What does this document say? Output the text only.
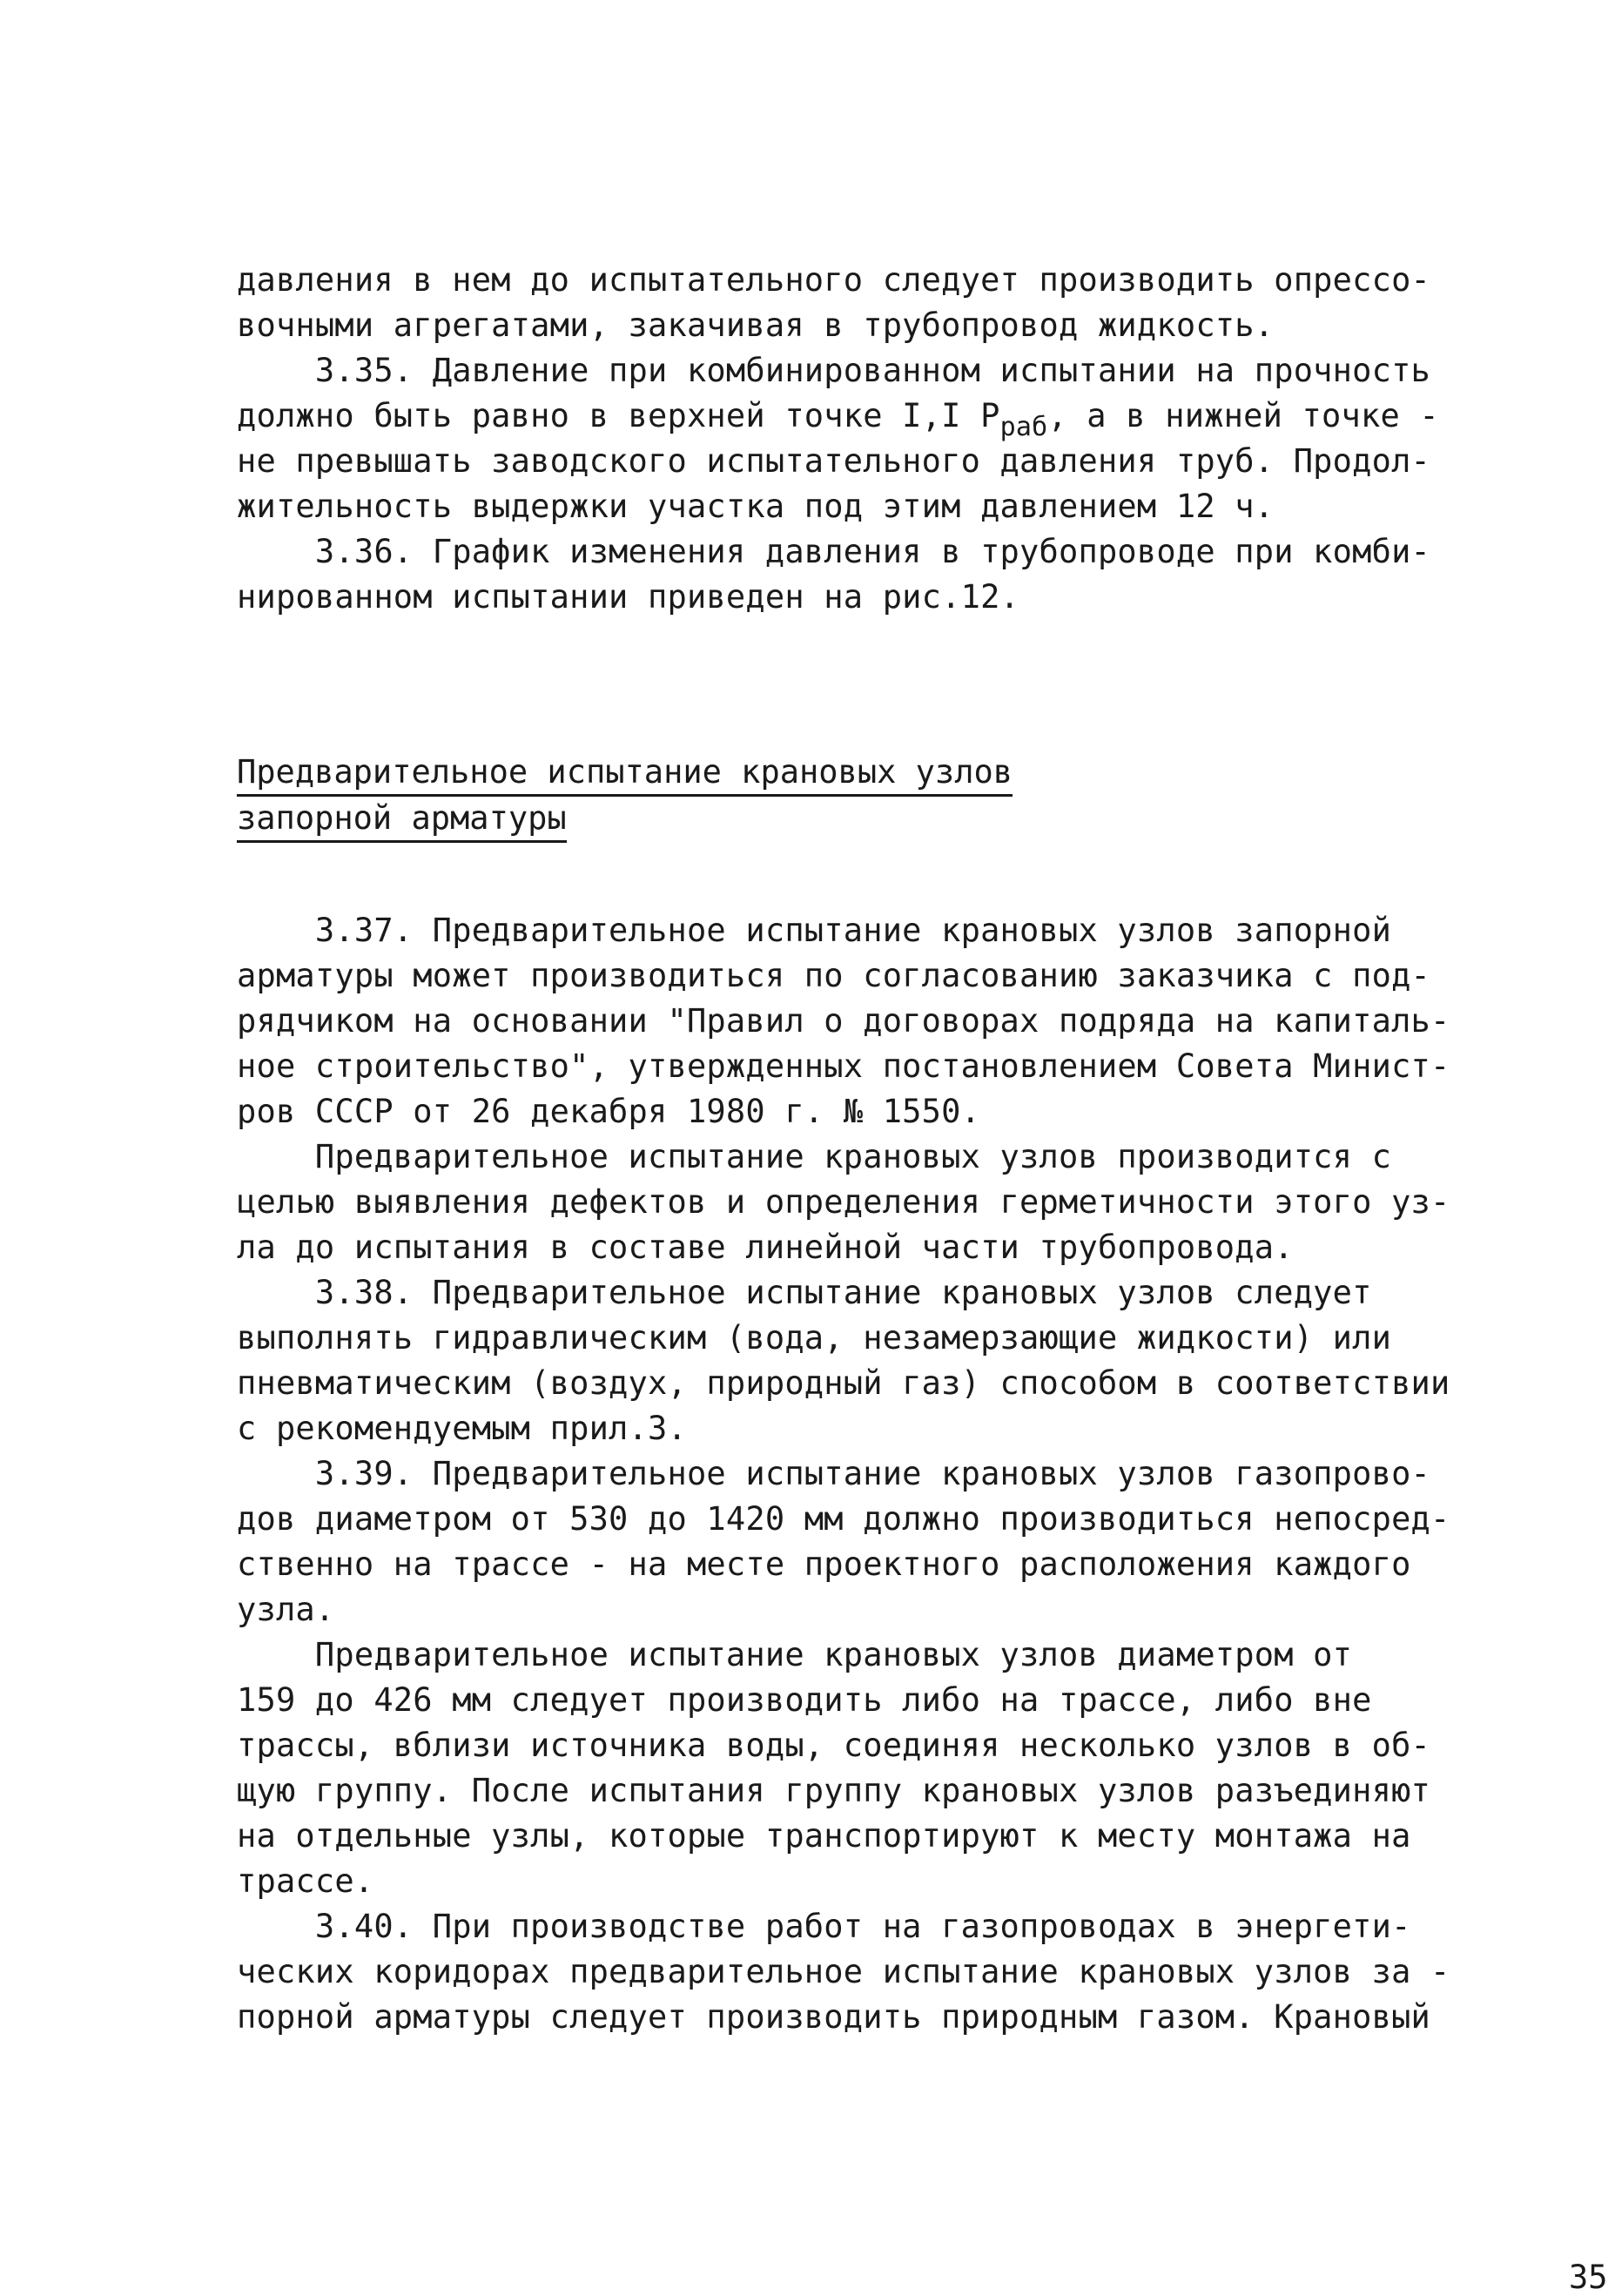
давления в нем до испытательного следует производить опрессо-
вочными агрегатами, закачивая в трубопровод жидкость.
3.35. Давление при комбинированном испытании на прочность
должно быть равно в верхней точке I,I $P_{раб}$, а в нижней точке -
не превышать заводского испытательного давления труб. Продол-
жительность выдержки участка под этим давлением 12 ч.
3.36. График изменения давления в трубопроводе при комби-
нированном испытании приведен на рис.12.
Предварительное испытание крановых узлов
запорной арматуры
3.37. Предварительное испытание крановых узлов запорной
арматуры может производиться по согласованию заказчика с под-
рядчиком на основании "Правил о договорах подряда на капиталь-
ное строительство", утвержденных постановлением Совета Минист-
ров СССР от 26 декабря 1980 г. № 1550.
Предварительное испытание крановых узлов производится с
целью выявления дефектов и определения герметичности этого уз-
ла до испытания в составе линейной части трубопровода.
3.38. Предварительное испытание крановых узлов следует
выполнять гидравлическим (вода, незамерзающие жидкости) или
пневматическим (воздух, природный газ) способом в соответствии
с рекомендуемым прил.3.
3.39. Предварительное испытание крановых узлов газопрово-
дов диаметром от 530 до 1420 мм должно производиться непосред-
ственно на трассе - на месте проектного расположения каждого
узла.
Предварительное испытание крановых узлов диаметром от
159 до 426 мм следует производить либо на трассе, либо вне
трассы, вблизи источника воды, соединяя несколько узлов в об-
щую группу. После испытания группу крановых узлов разъединяют
на отдельные узлы, которые транспортируют к месту монтажа на
трассе.
3.40. При производстве работ на газопроводах в энергети-
ческих коридорах предварительное испытание крановых узлов за -
порной арматуры следует производить природным газом. Крановый
35
